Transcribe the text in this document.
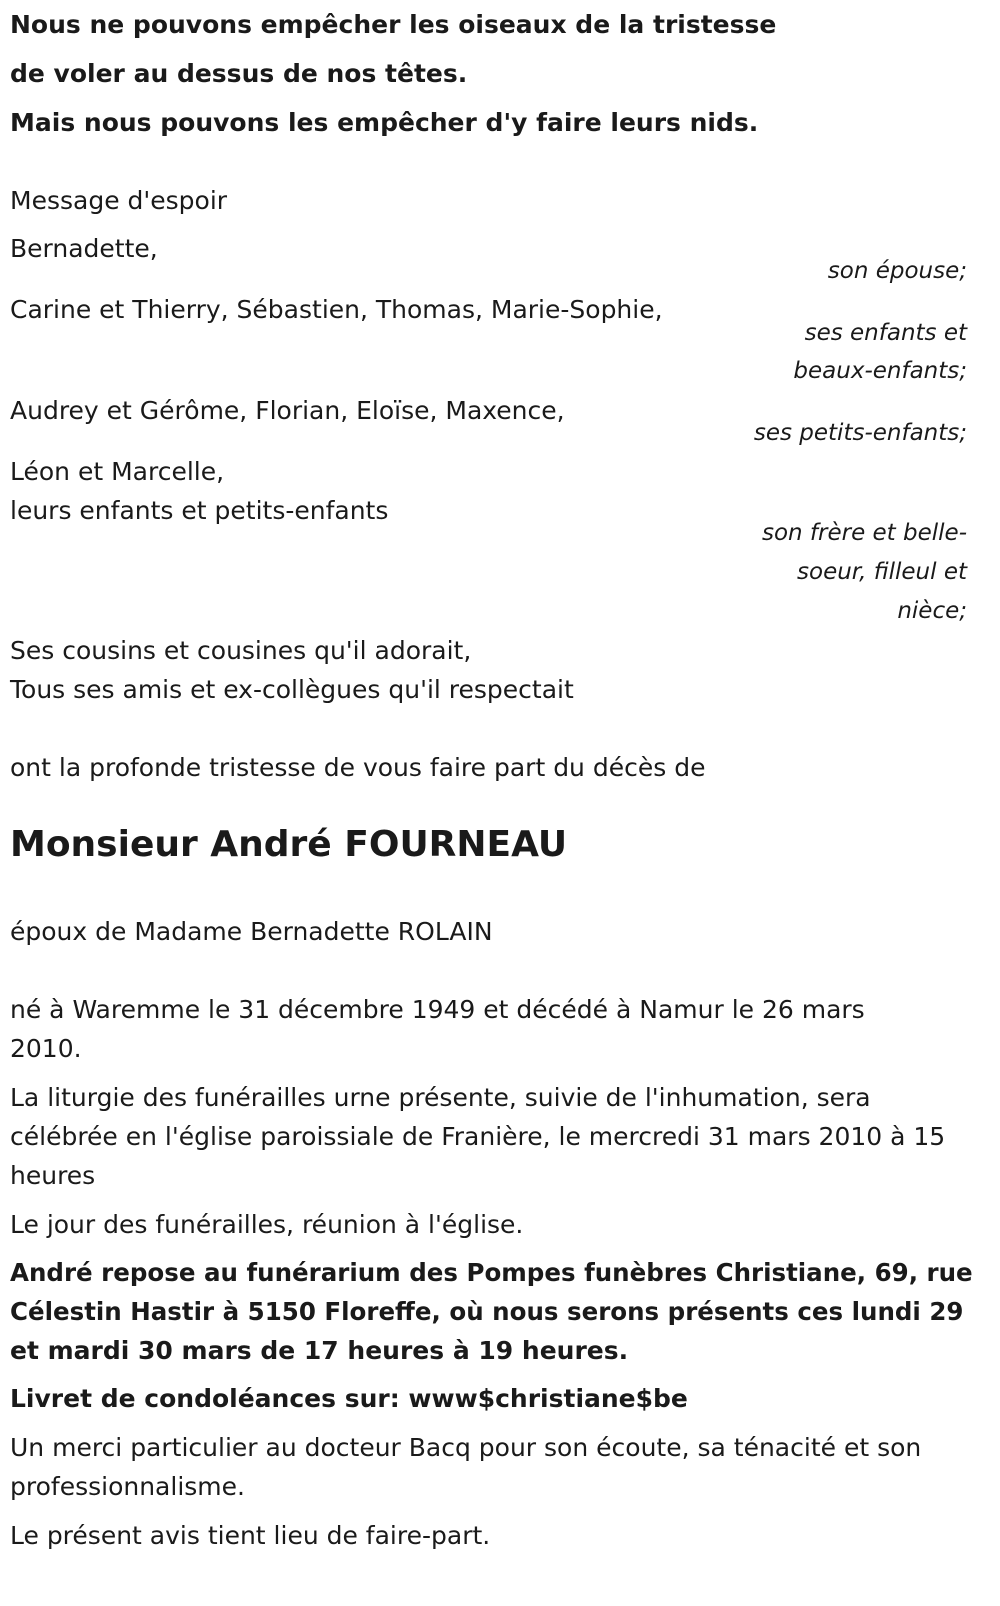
Nous ne pouvons empêcher les oiseaux de la tristesse
de voler au dessus de nos têtes.
Mais nous pouvons les empêcher d'y faire leurs nids.
Message d'espoir
Bernadette,
son épouse;
Carine et Thierry, Sébastien, Thomas, Marie-Sophie,
ses enfants et
beaux-enfants;
Audrey et Gérôme, Florian, Eloïse, Maxence,
ses petits-enfants;
Léon et Marcelle,
leurs enfants et petits-enfants
son frère et belle-
soeur, filleul et
nièce;
Ses cousins et cousines qu'il adorait,
Tous ses amis et ex-collègues qu'il respectait
ont la profonde tristesse de vous faire part du décès de
Monsieur André FOURNEAU
époux de Madame Bernadette ROLAIN
né à Waremme le 31 décembre 1949 et décédé à Namur le 26 mars
2010.
La liturgie des funérailles urne présente, suivie de l'inhumation, sera
célébrée en l'église paroissiale de Franière, le mercredi 31 mars 2010 à 15
heures
Le jour des funérailles, réunion à l'église.
André repose au funérarium des Pompes funèbres Christiane, 69, rue
Célestin Hastir à 5150 Floreffe, où nous serons présents ces lundi 29
et mardi 30 mars de 17 heures à 19 heures.
Livret de condoléances sur: www$christiane$be
Un merci particulier au docteur Bacq pour son écoute, sa ténacité et son
professionnalisme.
Le présent avis tient lieu de faire-part.
